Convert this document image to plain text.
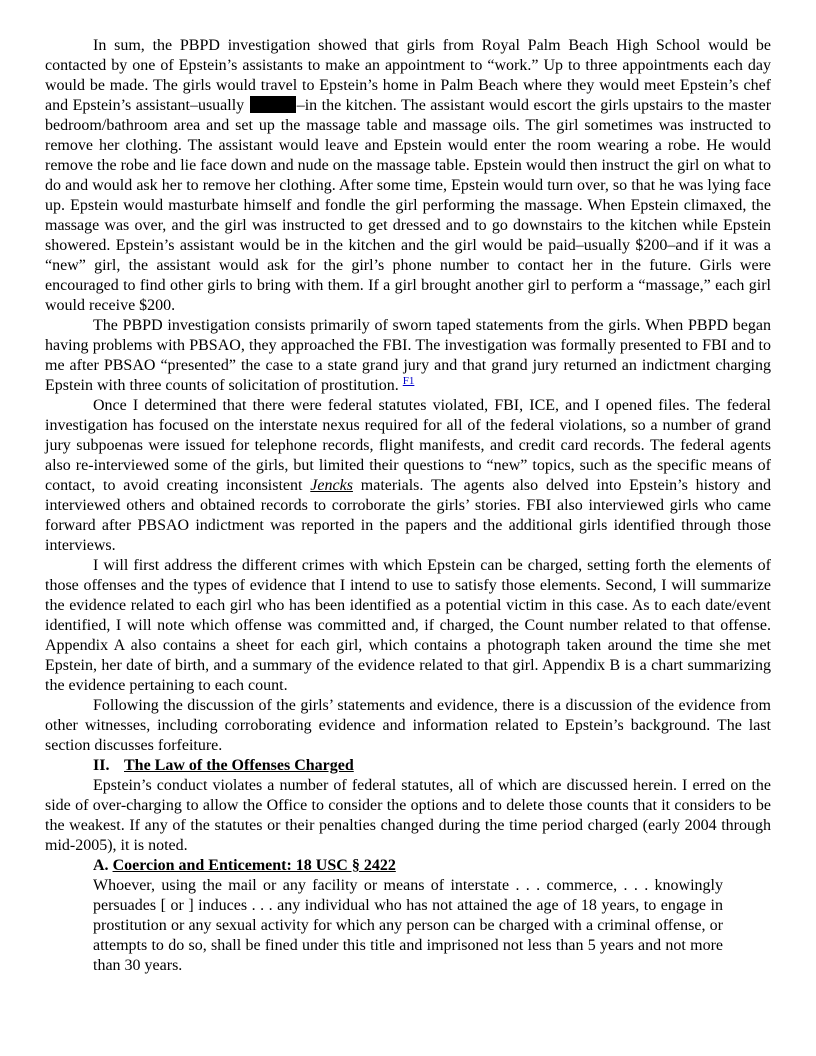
In sum, the PBPD investigation showed that girls from Royal Palm Beach High School would be contacted by one of Epstein’s assistants to make an appointment to “work.” Up to three appointments each day would be made. The girls would travel to Epstein’s home in Palm Beach where they would meet Epstein’s chef and Epstein’s assistant–usually	–in the kitchen. The assistant would escort the girls upstairs to the master bedroom/bathroom area and set up the massage table and massage oils. The girl sometimes was instructed to remove her clothing. The assistant would leave and Epstein would enter the room wearing a robe. He would remove the robe and lie face down and nude on the massage table. Epstein would then instruct the girl on what to do and would ask her to remove her clothing. After some time, Epstein would turn over, so that he was lying face up. Epstein would masturbate himself and fondle the girl performing the massage. When Epstein climaxed, the massage was over, and the girl was instructed to get dressed and to go downstairs to the kitchen while Epstein showered. Epstein’s assistant would be in the kitchen and the girl would be paid–usually $200–and if it was a “new” girl, the assistant would ask for the girl’s phone number to contact her in the future. Girls were encouraged to find other girls to bring with them. If a girl brought another girl to perform a “massage,” each girl would receive $200.

The PBPD investigation consists primarily of sworn taped statements from the girls. When PBPD began having problems with PBSAO, they approached the FBI. The investigation was formally presented to FBI and to me after PBSAO “presented” the case to a state grand jury and that grand jury returned an indictment charging Epstein with three counts of solicitation of prostitution. $^{F1}$

Once I determined that there were federal statutes violated, FBI, ICE, and I opened files. The federal investigation has focused on the interstate nexus required for all of the federal violations, so a number of grand jury subpoenas were issued for telephone records, flight manifests, and credit card records. The federal agents also re-interviewed some of the girls, but limited their questions to “new” topics, such as the specific means of contact, to avoid creating inconsistent Jencks materials. The agents also delved into Epstein’s history and interviewed others and obtained records to corroborate the girls’ stories. FBI also interviewed girls who came forward after PBSAO indictment was reported in the papers and the additional girls identified through those interviews.

I will first address the different crimes with which Epstein can be charged, setting forth the elements of those offenses and the types of evidence that I intend to use to satisfy those elements. Second, I will summarize the evidence related to each girl who has been identified as a potential victim in this case. As to each date/event identified, I will note which offense was committed and, if charged, the Count number related to that offense. Appendix A also contains a sheet for each girl, which contains a photograph taken around the time she met Epstein, her date of birth, and a summary of the evidence related to that girl. Appendix B is a chart summarizing the evidence pertaining to each count.

Following the discussion of the girls’ statements and evidence, there is a discussion of the evidence from other witnesses, including corroborating evidence and information related to Epstein’s background. The last section discusses forfeiture.

II. The Law of the Offenses Charged

Epstein’s conduct violates a number of federal statutes, all of which are discussed herein. I erred on the side of over-charging to allow the Office to consider the options and to delete those counts that it considers to be the weakest. If any of the statutes or their penalties changed during the time period charged (early 2004 through mid-2005), it is noted.

A. Coercion and Enticement: 18 USC § 2422

Whoever, using the mail or any facility or means of interstate . . . commerce, . . . knowingly persuades [ or ] induces . . . any individual who has not attained the age of 18 years, to engage in prostitution or any sexual activity for which any person can be charged with a criminal offense, or attempts to do so, shall be fined under this title and imprisoned not less than 5 years and not more than 30 years.
